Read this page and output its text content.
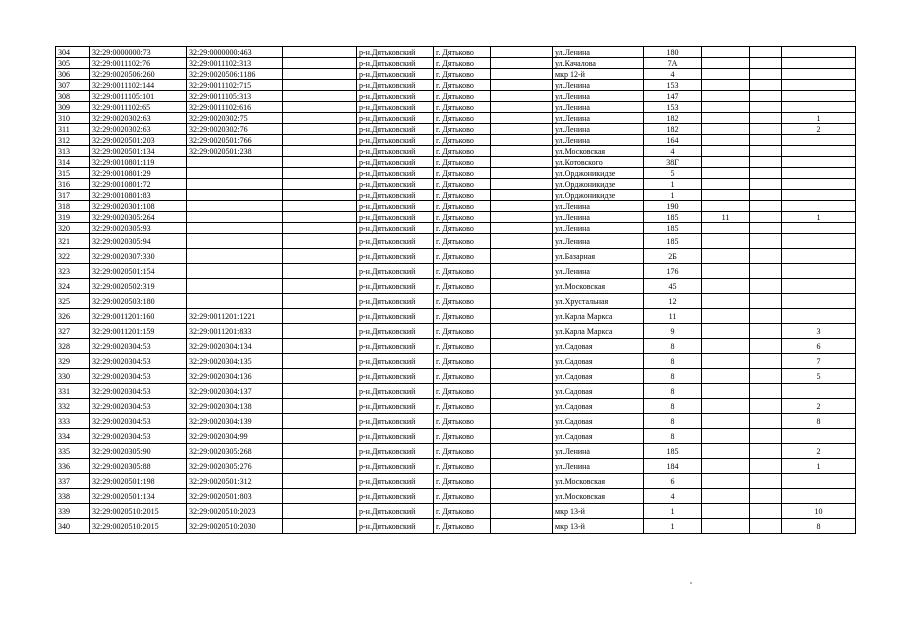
304	32:29:0000000:73	32:29:0000000:463		р-н.Дятьковский	г. Дятьково		ул.Ленина	180			
305	32:29:0011102:76	32:29:0011102:313		р-н.Дятьковский	г. Дятьково		ул.Качалова	7А			
306	32:29:0020506:260	32:29:0020506:1186		р-н.Дятьковский	г. Дятьково		мкр 12-й	4			
307	32:29:0011102:144	32:29:0011102:715		р-н.Дятьковский	г. Дятьково		ул.Ленина	153			
308	32:29:0011105:101	32:29:0011105:313		р-н.Дятьковский	г. Дятьково		ул.Ленина	147			
309	32:29:0011102:65	32:29:0011102:616		р-н.Дятьковский	г. Дятьково		ул.Ленина	153			
310	32:29:0020302:63	32:29:0020302:75		р-н.Дятьковский	г. Дятьково		ул.Ленина	182			1
311	32:29:0020302:63	32:29:0020302:76		р-н.Дятьковский	г. Дятьково		ул.Ленина	182			2
312	32:29:0020501:203	32:29:0020501:766		р-н.Дятьковский	г. Дятьково		ул.Ленина	164			
313	32:29:0020501:134	32:29:0020501:238		р-н.Дятьковский	г. Дятьково		ул.Московская	4			
314	32:29:0010801:119			р-н.Дятьковский	г. Дятьково		ул.Котовского	38Г			
315	32:29:0010801:29			р-н.Дятьковский	г. Дятьково		ул.Орджоникидзе	5			
316	32:29:0010801:72			р-н.Дятьковский	г. Дятьково		ул.Орджоникидзе	1			
317	32:29:0010801:83			р-н.Дятьковский	г. Дятьково		ул.Орджоникидзе	1			
318	32:29:0020301:108			р-н.Дятьковский	г. Дятьково		ул.Ленина	190			
319	32:29:0020305:264			р-н.Дятьковский	г. Дятьково		ул.Ленина	185	11		1
320	32:29:0020305:93			р-н.Дятьковский	г. Дятьково		ул.Ленина	185			
321	32:29:0020305:94			р-н.Дятьковский	г. Дятьково		ул.Ленина	185			
322	32:29:0020307:330			р-н.Дятьковский	г. Дятьково		ул.Базарная	2Б			
323	32:29:0020501:154			р-н.Дятьковский	г. Дятьково		ул.Ленина	176			
324	32:29:0020502:319			р-н.Дятьковский	г. Дятьково		ул.Московская	45			
325	32:29:0020503:180			р-н.Дятьковский	г. Дятьково		ул.Хрустальная	12			
326	32:29:0011201:160	32:29:0011201:1221		р-н.Дятьковский	г. Дятьково		ул.Карла Маркса	11			
327	32:29:0011201:159	32:29:0011201:833		р-н.Дятьковский	г. Дятьково		ул.Карла Маркса	9			3
328	32:29:0020304:53	32:29:0020304:134		р-н.Дятьковский	г. Дятьково		ул.Садовая	8			6
329	32:29:0020304:53	32:29:0020304:135		р-н.Дятьковский	г. Дятьково		ул.Садовая	8			7
330	32:29:0020304:53	32:29:0020304:136		р-н.Дятьковский	г. Дятьково		ул.Садовая	8			5
331	32:29:0020304:53	32:29:0020304:137		р-н.Дятьковский	г. Дятьково		ул.Садовая	8			
332	32:29:0020304:53	32:29:0020304:138		р-н.Дятьковский	г. Дятьково		ул.Садовая	8			2
333	32:29:0020304:53	32:29:0020304:139		р-н.Дятьковский	г. Дятьково		ул.Садовая	8			8
334	32:29:0020304:53	32:29:0020304:99		р-н.Дятьковский	г. Дятьково		ул.Садовая	8			
335	32:29:0020305:90	32:29:0020305:268		р-н.Дятьковский	г. Дятьково		ул.Ленина	185			2
336	32:29:0020305:88	32:29:0020305:276		р-н.Дятьковский	г. Дятьково		ул.Ленина	184			1
337	32:29:0020501:198	32:29:0020501:312		р-н.Дятьковский	г. Дятьково		ул.Московская	6			
338	32:29:0020501:134	32:29:0020501:803		р-н.Дятьковский	г. Дятьково		ул.Московская	4			
339	32:29:0020510:2015	32:29:0020510:2023		р-н.Дятьковский	г. Дятьково		мкр 13-й	1			10
340	32:29:0020510:2015	32:29:0020510:2030		р-н.Дятьковский	г. Дятьково		мкр 13-й	1			8
